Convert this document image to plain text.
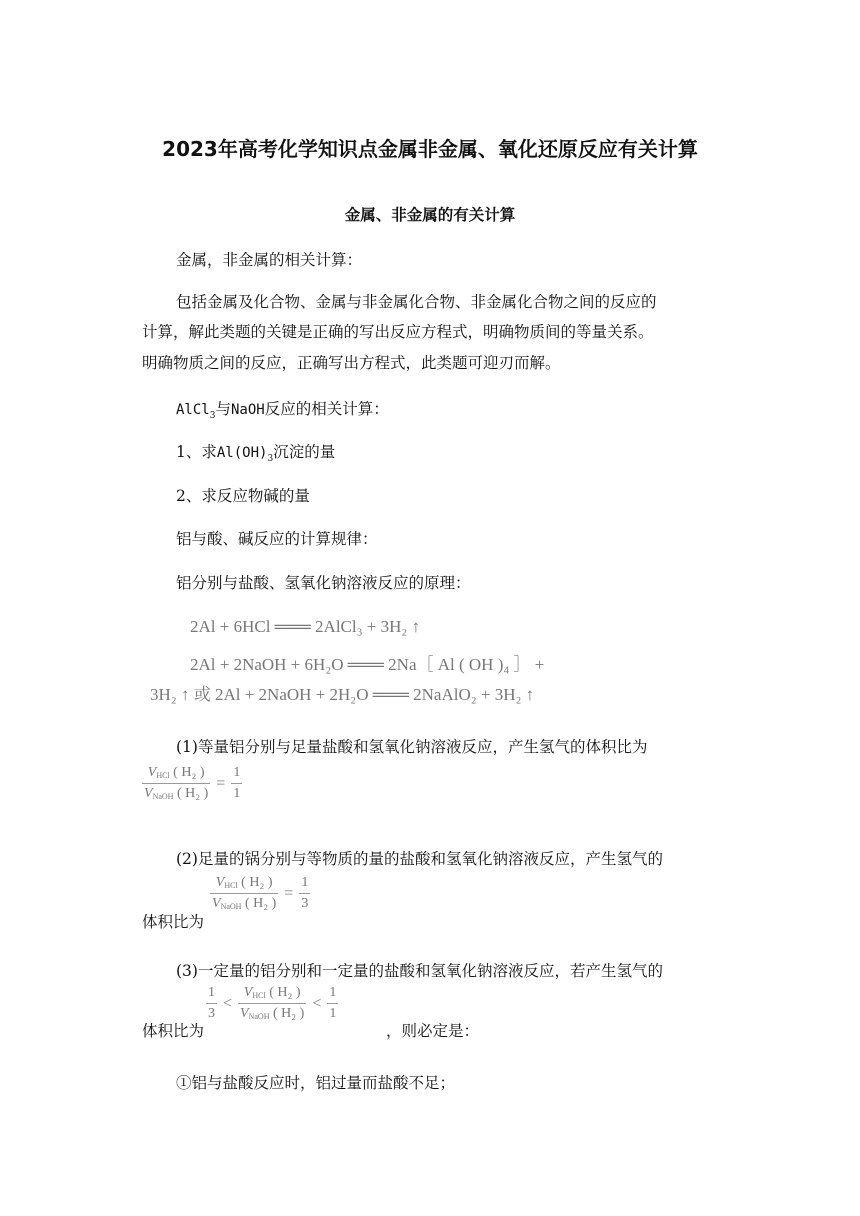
2023年高考化学知识点金属非金属、氧化还原反应有关计算
金属、非金属的有关计算
金属，非金属的相关计算：
包括金属及化合物、金属与非金属化合物、非金属化合物之间的反应的
计算，解此类题的关键是正确的写出反应方程式，明确物质间的等量关系。
明确物质之间的反应，正确写出方程式，此类题可迎刃而解。
AlCl$_3$与NaOH反应的相关计算：
1、求$Al(OH)_3$沉淀的量
2、求反应物碱的量
铝与酸、碱反应的计算规律：
铝分别与盐酸、氢氧化钠溶液反应的原理：
2Al + 6HCl ═══ 2AlCl₃ + 3H₂ ↑
2Al + 2NaOH + 6H₂O ═══ 2Na［ Al ( OH )₄ ］ +
3H₂ ↑ 或 2Al + 2NaOH + 2H₂O ═══ 2NaAlO₂ + 3H₂ ↑
(1)等量铝分别与足量盐酸和氢氧化钠溶液反应，产生氢气的体积比为
$\frac{\text{VHCl ( H₂ )}}{\text{VNaOH ( H₂ )}} = \frac{1}{1}$
(2)足量的锅分别与等物质的量的盐酸和氢氧化钠溶液反应，产生氢气的
体积比为
$\frac{\text{VHCl ( H₂ )}}{\text{VNaOH ( H₂ )}} = \frac{1}{3}$
(3)一定量的铝分别和一定量的盐酸和氢氧化钠溶液反应，若产生氢气的
体积比为
$\frac{1}{3} < \frac{\text{VHCl ( H₂ )}}{\text{VNaOH ( H₂ )}} < \frac{1}{1}$
，则必定是：
①铝与盐酸反应时，铝过量而盐酸不足；
